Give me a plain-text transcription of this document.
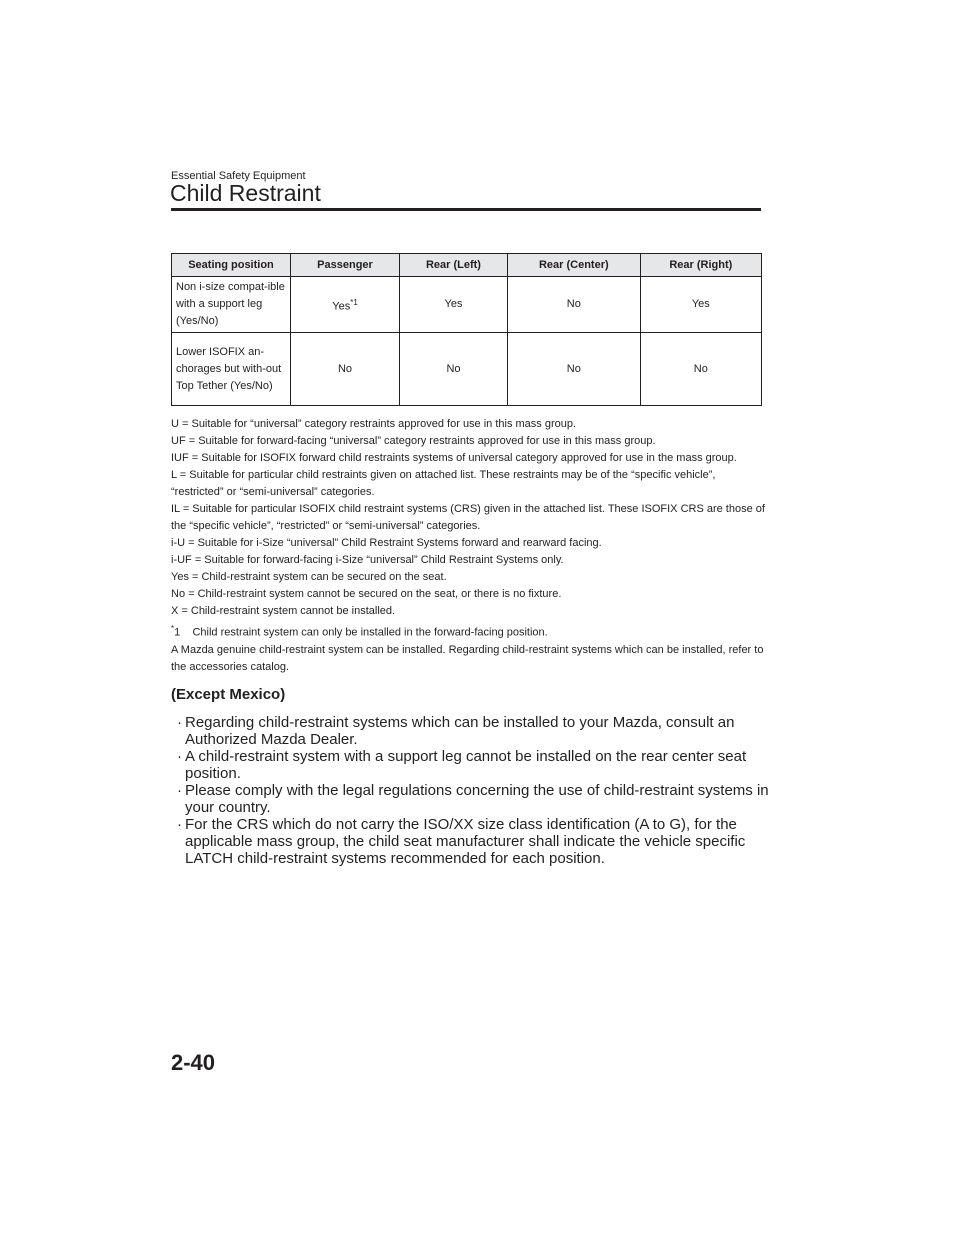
Essential Safety Equipment
Child Restraint
Seating position	Passenger	Rear (Left)	Rear (Center)	Rear (Right)
Non i-size compat-ible with a support leg (Yes/No)	Yes$^{*1}$	Yes	No	Yes
Lower ISOFIX an-chorages but with-out Top Tether (Yes/No)	No	No	No	No
U = Suitable for “universal” category restraints approved for use in this mass group.
UF = Suitable for forward-facing “universal” category restraints approved for use in this mass group.
IUF = Suitable for ISOFIX forward child restraints systems of universal category approved for use in the mass group.
L = Suitable for particular child restraints given on attached list. These restraints may be of the “specific vehicle”, “restricted” or “semi-universal” categories.
IL = Suitable for particular ISOFIX child restraint systems (CRS) given in the attached list. These ISOFIX CRS are those of the “specific vehicle”, “restricted” or “semi-universal” categories.
i-U = Suitable for i-Size “universal” Child Restraint Systems forward and rearward facing.
i-UF = Suitable for forward-facing i-Size “universal” Child Restraint Systems only.
Yes = Child-restraint system can be secured on the seat.
No = Child-restraint system cannot be secured on the seat, or there is no fixture.
X = Child-restraint system cannot be installed.
*1 Child restraint system can only be installed in the forward-facing position.
A Mazda genuine child-restraint system can be installed. Regarding child-restraint systems which can be installed, refer to the accessories catalog.
(Except Mexico)
· Regarding child-restraint systems which can be installed to your Mazda, consult an Authorized Mazda Dealer.
· A child-restraint system with a support leg cannot be installed on the rear center seat position.
· Please comply with the legal regulations concerning the use of child-restraint systems in your country.
· For the CRS which do not carry the ISO/XX size class identification (A to G), for the applicable mass group, the child seat manufacturer shall indicate the vehicle specific LATCH child-restraint systems recommended for each position.
2-40
